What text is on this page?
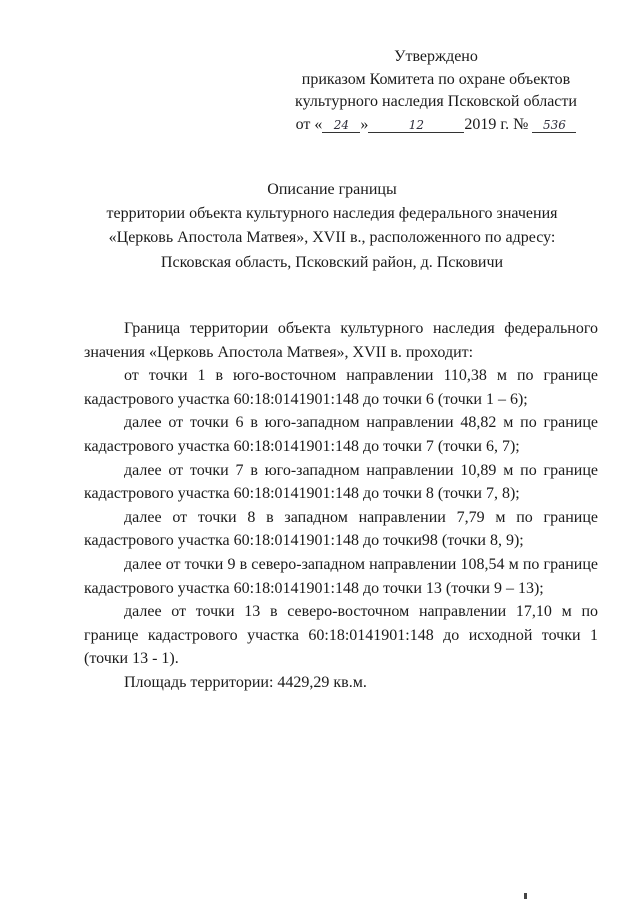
Утверждено
приказом Комитета по охране объектов
культурного наследия Псковской области
от « 24 »	12	2019 г. № 536
Описание границы
территории объекта культурного наследия федерального значения
«Церковь Апостола Матвея», XVII в., расположенного по адресу:
Псковская область, Псковский район, д. Псковичи

Граница территории объекта культурного наследия федерального значения «Церковь Апостола Матвея», XVII в. проходит:

от точки 1 в юго-восточном направлении 110,38 м по границе кадастрового участка 60:18:0141901:148 до точки 6 (точки 1 – 6);

далее от точки 6 в юго-западном направлении 48,82 м по границе кадастрового участка 60:18:0141901:148 до точки 7 (точки 6, 7);

далее от точки 7 в юго-западном направлении 10,89 м по границе кадастрового участка 60:18:0141901:148 до точки 8 (точки 7, 8);

далее от точки 8 в западном направлении 7,79 м по границе кадастрового участка 60:18:0141901:148 до точки98 (точки 8, 9);

далее от точки 9 в северо-западном направлении 108,54 м по границе кадастрового участка 60:18:0141901:148 до точки 13 (точки 9 – 13);

далее от точки 13 в северо-восточном направлении 17,10 м по границе кадастрового участка 60:18:0141901:148 до исходной точки 1 (точки 13 - 1).

Площадь территории: 4429,29 кв.м.
